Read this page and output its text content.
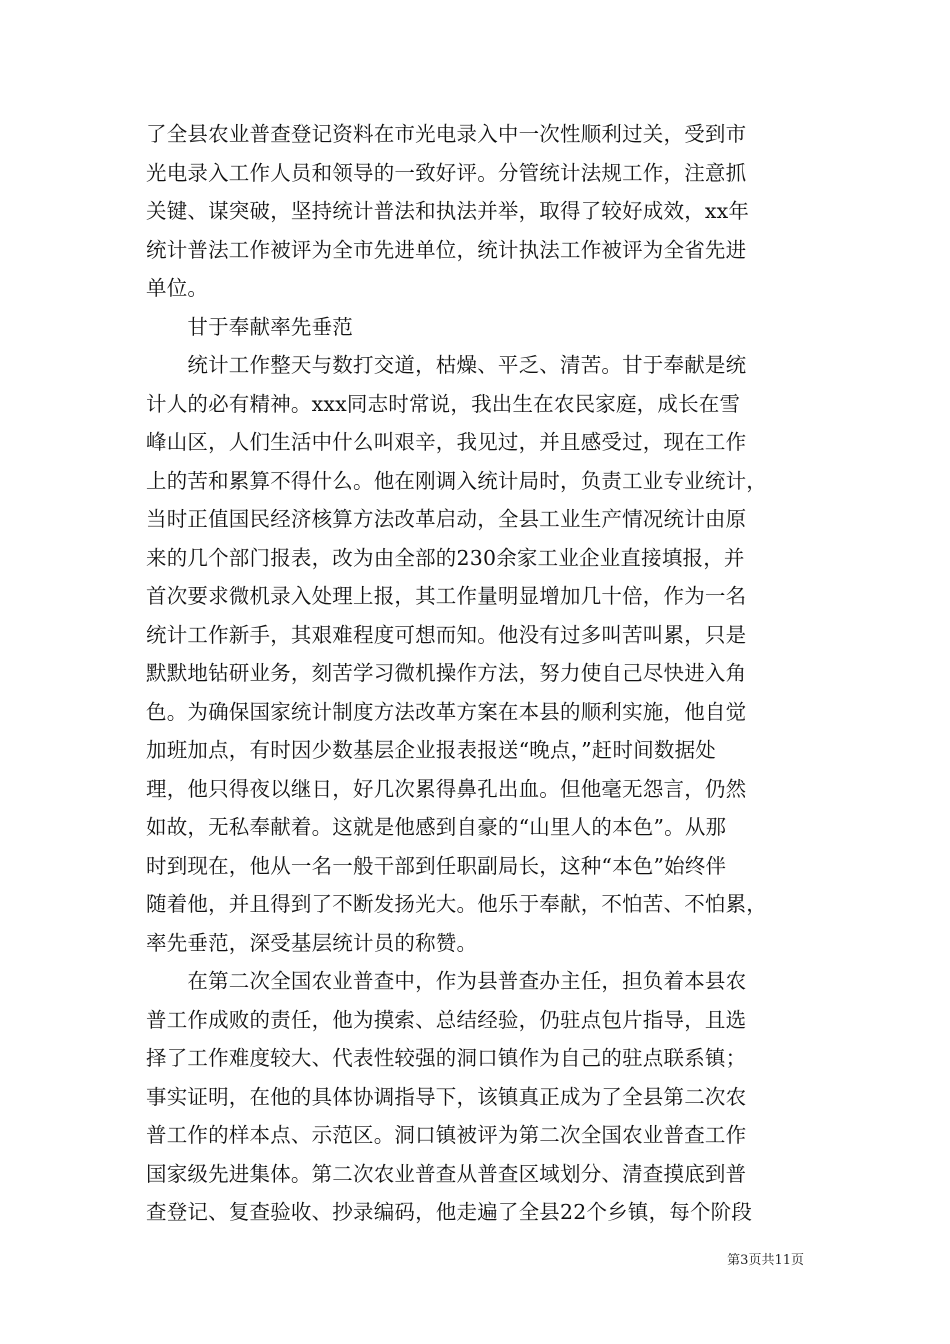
了全县农业普查登记资料在市光电录入中一次性顺利过关，受到市
光电录入工作人员和领导的一致好评。分管统计法规工作，注意抓
关键、谋突破，坚持统计普法和执法并举，取得了较好成效，xx年
统计普法工作被评为全市先进单位，统计执法工作被评为全省先进
单位。
　　甘于奉献率先垂范
　　统计工作整天与数打交道，枯燥、平乏、清苦。甘于奉献是统
计人的必有精神。xxx同志时常说，我出生在农民家庭，成长在雪
峰山区，人们生活中什么叫艰辛，我见过，并且感受过，现在工作
上的苦和累算不得什么。他在刚调入统计局时，负责工业专业统计，
当时正值国民经济核算方法改革启动，全县工业生产情况统计由原
来的几个部门报表，改为由全部的230余家工业企业直接填报，并
首次要求微机录入处理上报，其工作量明显增加几十倍，作为一名
统计工作新手，其艰难程度可想而知。他没有过多叫苦叫累，只是
默默地钻研业务，刻苦学习微机操作方法，努力使自己尽快进入角
色。为确保国家统计制度方法改革方案在本县的顺利实施，他自觉
加班加点，有时因少数基层企业报表报送“晚点，”赶时间数据处
理，他只得夜以继日，好几次累得鼻孔出血。但他毫无怨言，仍然
如故，无私奉献着。这就是他感到自豪的“山里人的本色”。从那
时到现在，他从一名一般干部到任职副局长，这种“本色”始终伴
随着他，并且得到了不断发扬光大。他乐于奉献，不怕苦、不怕累，
率先垂范，深受基层统计员的称赞。
　　在第二次全国农业普查中，作为县普查办主任，担负着本县农
普工作成败的责任，他为摸索、总结经验，仍驻点包片指导，且选
择了工作难度较大、代表性较强的洞口镇作为自己的驻点联系镇；
事实证明，在他的具体协调指导下，该镇真正成为了全县第二次农
普工作的样本点、示范区。洞口镇被评为第二次全国农业普查工作
国家级先进集体。第二次农业普查从普查区域划分、清查摸底到普
查登记、复查验收、抄录编码，他走遍了全县22个乡镇，每个阶段
第3页共11页
